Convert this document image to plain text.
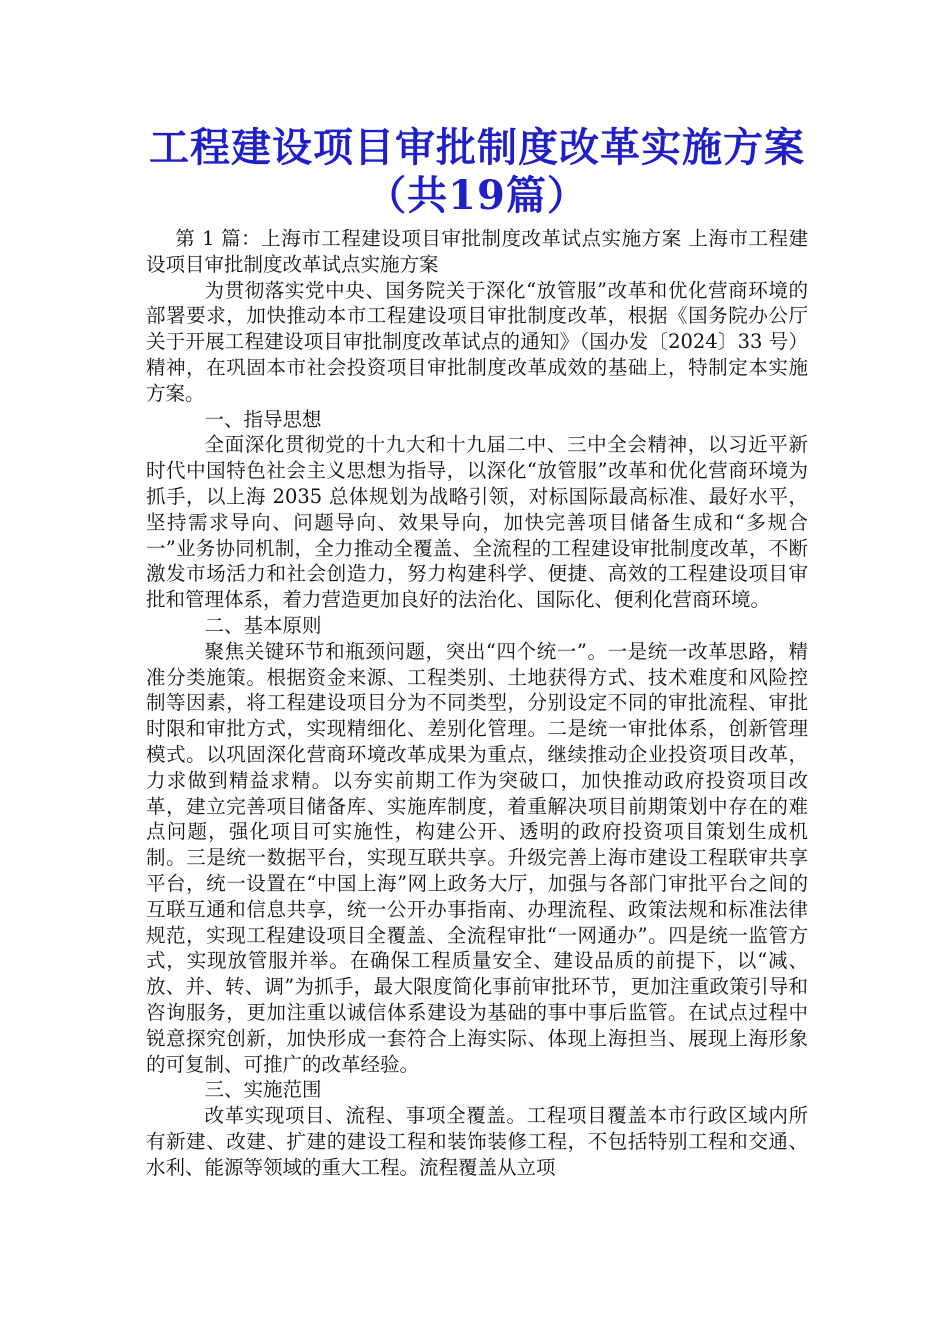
工程建设项目审批制度改革实施方案（共19篇）

第 1 篇：上海市工程建设项目审批制度改革试点实施方案 上海市工程建设项目审批制度改革试点实施方案

为贯彻落实党中央、国务院关于深化“放管服”改革和优化营商环境的部署要求，加快推动本市工程建设项目审批制度改革，根据《国务院办公厅关于开展工程建设项目审批制度改革试点的通知》（国办发〔2024〕33 号）精神，在巩固本市社会投资项目审批制度改革成效的基础上，特制定本实施方案。

一、指导思想

全面深化贯彻党的十九大和十九届二中、三中全会精神，以习近平新时代中国特色社会主义思想为指导，以深化“放管服”改革和优化营商环境为抓手，以上海 2035 总体规划为战略引领，对标国际最高标准、最好水平，坚持需求导向、问题导向、效果导向，加快完善项目储备生成和“多规合一”业务协同机制，全力推动全覆盖、全流程的工程建设审批制度改革，不断激发市场活力和社会创造力，努力构建科学、便捷、高效的工程建设项目审批和管理体系，着力营造更加良好的法治化、国际化、便利化营商环境。

二、基本原则

聚焦关键环节和瓶颈问题，突出“四个统一”。一是统一改革思路，精准分类施策。根据资金来源、工程类别、土地获得方式、技术难度和风险控制等因素，将工程建设项目分为不同类型，分别设定不同的审批流程、审批时限和审批方式，实现精细化、差别化管理。二是统一审批体系，创新管理模式。以巩固深化营商环境改革成果为重点，继续推动企业投资项目改革，力求做到精益求精。以夯实前期工作为突破口，加快推动政府投资项目改革，建立完善项目储备库、实施库制度，着重解决项目前期策划中存在的难点问题，强化项目可实施性，构建公开、透明的政府投资项目策划生成机制。三是统一数据平台，实现互联共享。升级完善上海市建设工程联审共享平台，统一设置在“中国上海”网上政务大厅，加强与各部门审批平台之间的互联互通和信息共享，统一公开办事指南、办理流程、政策法规和标准法律规范，实现工程建设项目全覆盖、全流程审批“一网通办”。四是统一监管方式，实现放管服并举。在确保工程质量安全、建设品质的前提下，以“减、放、并、转、调”为抓手，最大限度简化事前审批环节，更加注重政策引导和咨询服务，更加注重以诚信体系建设为基础的事中事后监管。在试点过程中锐意探究创新，加快形成一套符合上海实际、体现上海担当、展现上海形象的可复制、可推广的改革经验。

三、实施范围

改革实现项目、流程、事项全覆盖。工程项目覆盖本市行政区域内所有新建、改建、扩建的建设工程和装饰装修工程，不包括特别工程和交通、水利、能源等领域的重大工程。流程覆盖从立项
